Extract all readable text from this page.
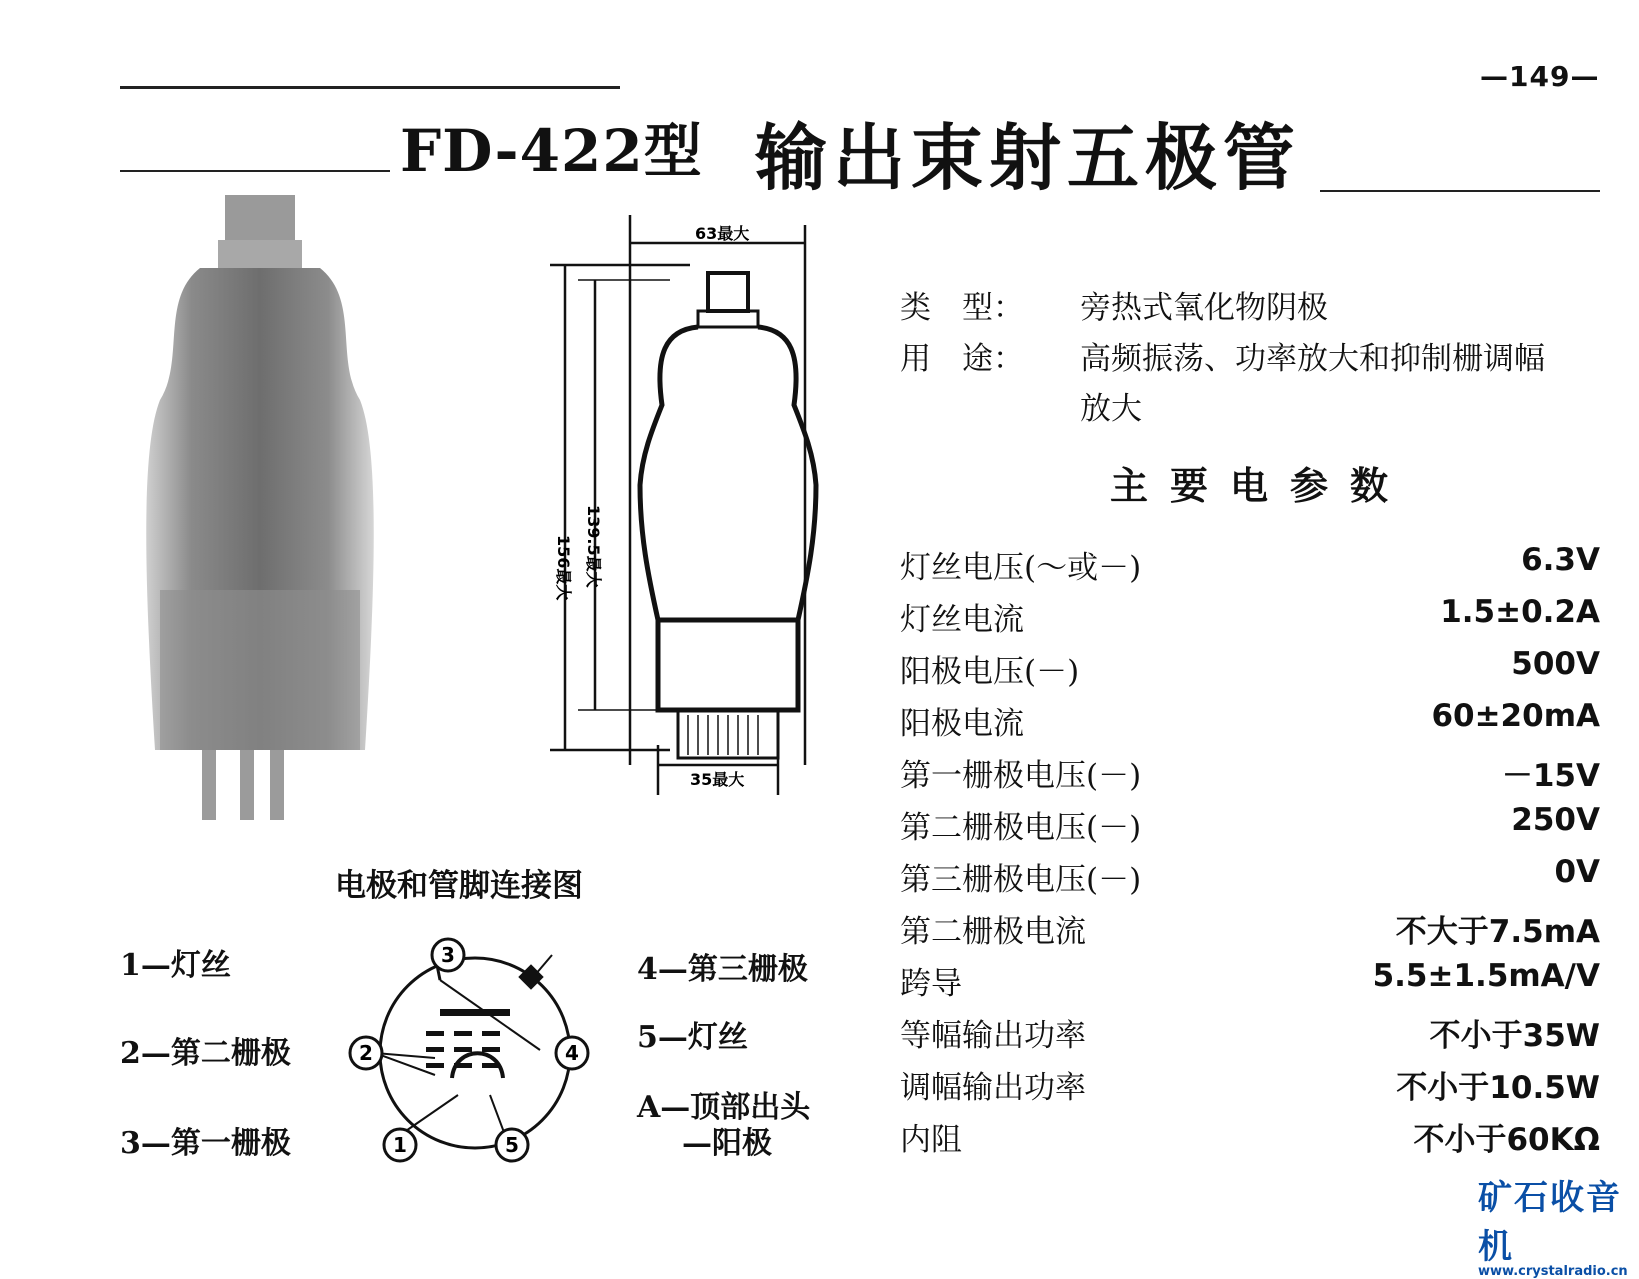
—149—
FD-422型 输出束射五极管
63最大
156最大 139.5最大
35最大
类　型： 旁热式氧化物阴极
用　途： 高频振荡、功率放大和抑制栅调幅
放大
主要电参数
灯丝电压(～或－)	6.3V
灯丝电流	1.5±0.2A
阳极电压(－)	500V
阳极电流	60±20mA
第一栅极电压(－)	－15V
第二栅极电压(－)	250V
第三栅极电压(－)	0V
第二栅极电流	不大于7.5mA
跨导	5.5±1.5mA/V
等幅输出功率	不小于35W
调幅输出功率	不小于10.5W
内阻	不小于60KΩ
电极和管脚连接图
1—灯丝
2—第二栅极
3—第一栅极
4—第三栅极
5—灯丝
A—顶部出头
—阳极
3
2	4
1	5
矿石收音机
www.crystalradio.cn
